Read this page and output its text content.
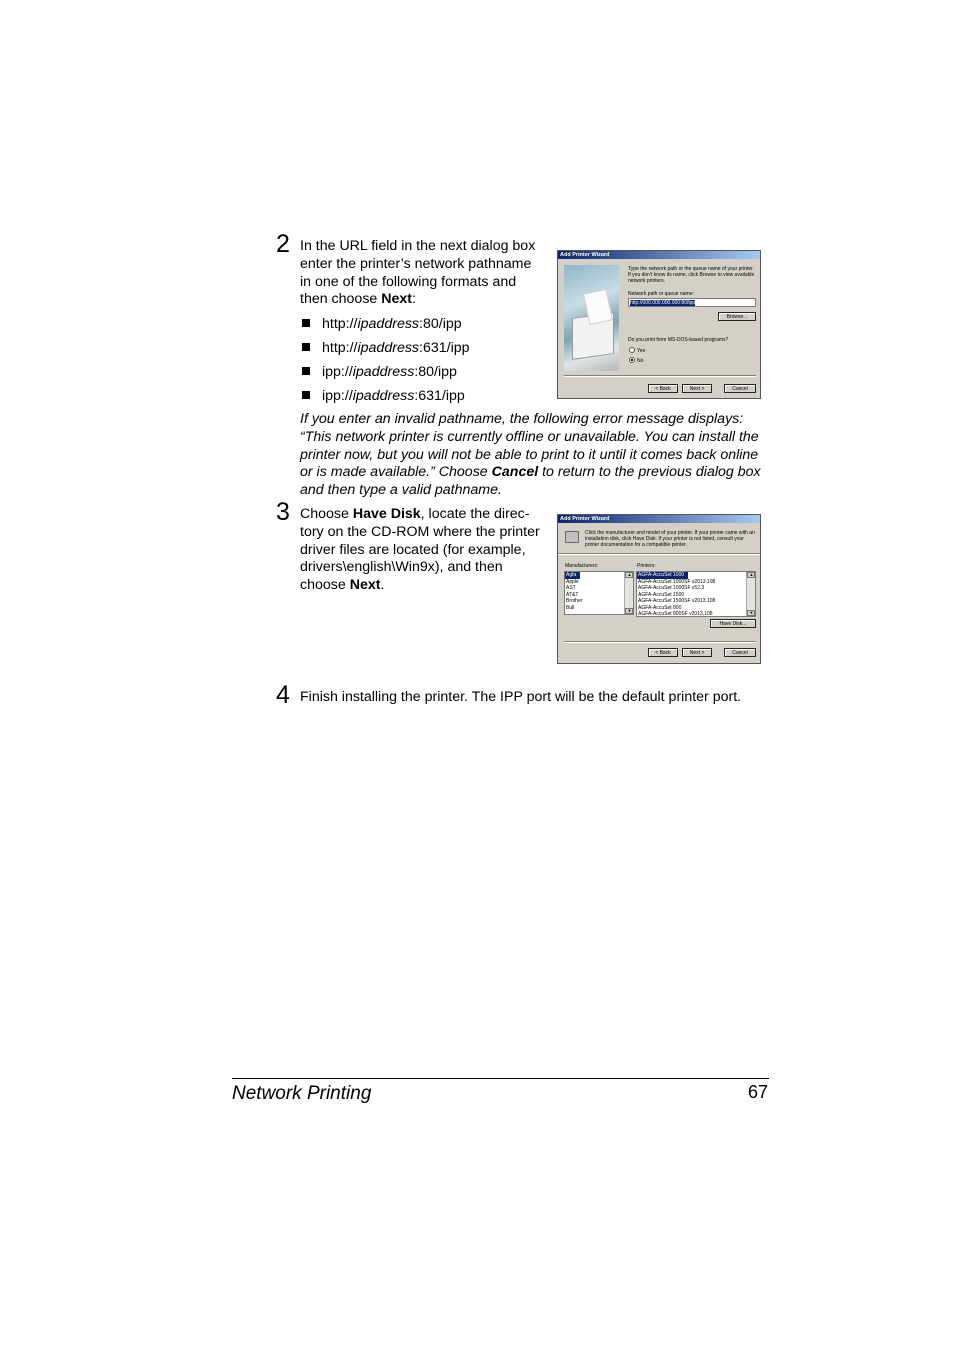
2 In the URL field in the next dialog box enter the printer’s network pathname in one of the following formats and then choose Next:
http://ipaddress:80/ipp
http://ipaddress:631/ipp
ipp://ipaddress:80/ipp
ipp://ipaddress:631/ipp
If you enter an invalid pathname, the following error message displays: “This network printer is currently offline or unavailable. You can install the printer now, but you will not be able to print to it until it comes back online or is made available.” Choose Cancel to return to the previous dialog box and then type a valid pathname.
Add Printer Wizard
Type the network path or the queue name of your printer. If you don't know its name, click Browse to view available network printers.
Network path or queue name:
http://000.000.000.000:80/ipp
Browse...
Do you print from MS-DOS-based programs?
Yes
No
< Back	Next >	Cancel
3 Choose Have Disk, locate the direc-tory on the CD-ROM where the printer driver files are located (for example, drivers\english\Win9x), and then choose Next.
Add Printer Wizard
Click the manufacturer and model of your printer. If your printer came with an installation disk, click Have Disk. If your printer is not listed, consult your printer documentation for a compatible printer.
Manufacturers:	Printers:
Agfa
Apple
AST
AT&T
Brother
Bull
▲
▼
AGFA-AccuSet 1000
AGFA-AccuSet 1000SF v2013.108
AGFA-AccuSet 1000SF v52.3
AGFA-AccuSet 1500
AGFA-AccuSet 1500SF v2013.108
AGFA-AccuSet 800
AGFA-AccuSet 800SF v2013.108
▲
▼
Have Disk...
< Back	Next >	Cancel
4 Finish installing the printer. The IPP port will be the default printer port.
Network Printing	67
